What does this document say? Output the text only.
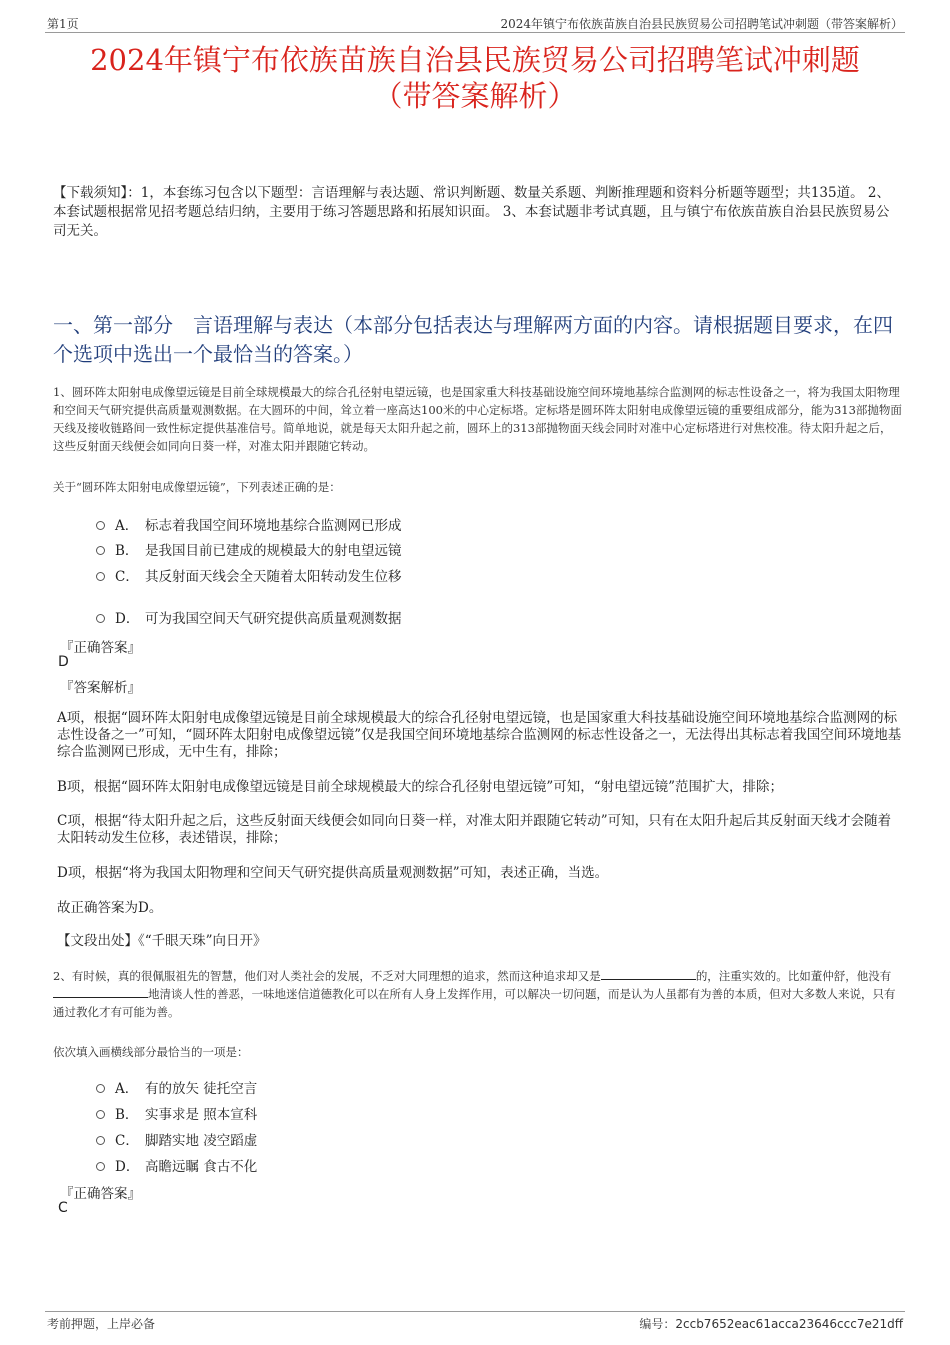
第1页	2024年镇宁布依族苗族自治县民族贸易公司招聘笔试冲刺题（带答案解析）
2024年镇宁布依族苗族自治县民族贸易公司招聘笔试冲刺题
（带答案解析）
【下载须知】：1，本套练习包含以下题型：言语理解与表达题、常识判断题、数量关系题、判断推理题和资料分析题等题型；共135道。 2、本套试题根据常见招考题总结归纳，主要用于练习答题思路和拓展知识面。 3、本套试题非考试真题，且与镇宁布依族苗族自治县民族贸易公司无关。
一、第一部分　言语理解与表达（本部分包括表达与理解两方面的内容。请根据题目要求，在四个选项中选出一个最恰当的答案。）
1、圆环阵太阳射电成像望远镜是目前全球规模最大的综合孔径射电望远镜，也是国家重大科技基础设施空间环境地基综合监测网的标志性设备之一，将为我国太阳物理和空间天气研究提供高质量观测数据。在大圆环的中间，耸立着一座高达100米的中心定标塔。定标塔是圆环阵太阳射电成像望远镜的重要组成部分，能为313部抛物面天线及接收链路间一致性标定提供基准信号。简单地说，就是每天太阳升起之前，圆环上的313部抛物面天线会同时对准中心定标塔进行对焦校准。待太阳升起之后，这些反射面天线便会如同向日葵一样，对准太阳并跟随它转动。
关于“圆环阵太阳射电成像望远镜”，下列表述正确的是：
A． 标志着我国空间环境地基综合监测网已形成
B． 是我国目前已建成的规模最大的射电望远镜
C． 其反射面天线会全天随着太阳转动发生位移
D． 可为我国空间天气研究提供高质量观测数据
『正确答案』
D
『答案解析』
A项，根据“圆环阵太阳射电成像望远镜是目前全球规模最大的综合孔径射电望远镜，也是国家重大科技基础设施空间环境地基综合监测网的标志性设备之一”可知，“圆环阵太阳射电成像望远镜”仅是我国空间环境地基综合监测网的标志性设备之一，无法得出其标志着我国空间环境地基综合监测网已形成，无中生有，排除；
B项，根据“圆环阵太阳射电成像望远镜是目前全球规模最大的综合孔径射电望远镜”可知，“射电望远镜”范围扩大，排除；
C项，根据“待太阳升起之后，这些反射面天线便会如同向日葵一样，对准太阳并跟随它转动”可知，只有在太阳升起后其反射面天线才会随着太阳转动发生位移，表述错误，排除；
D项，根据“将为我国太阳物理和空间天气研究提供高质量观测数据”可知，表述正确，当选。
故正确答案为D。
【文段出处】《“千眼天珠”向日开》
2、有时候，真的很佩服祖先的智慧，他们对人类社会的发展，不乏对大同理想的追求，然而这种追求却又是	的，注重实效的。比如董仲舒，他没有地清谈人性的善恶，一味地迷信道德教化可以在所有人身上发挥作用，可以解决一切问题，而是认为人虽都有为善的本质，但对大多数人来说，只有通过教化才有可能为善。
依次填入画横线部分最恰当的一项是：
A． 有的放矢 徒托空言
B． 实事求是 照本宣科
C． 脚踏实地 凌空蹈虚
D． 高瞻远瞩 食古不化
『正确答案』
C
考前押题，上岸必备	编号：2ccb7652eac61acca23646ccc7e21dff
